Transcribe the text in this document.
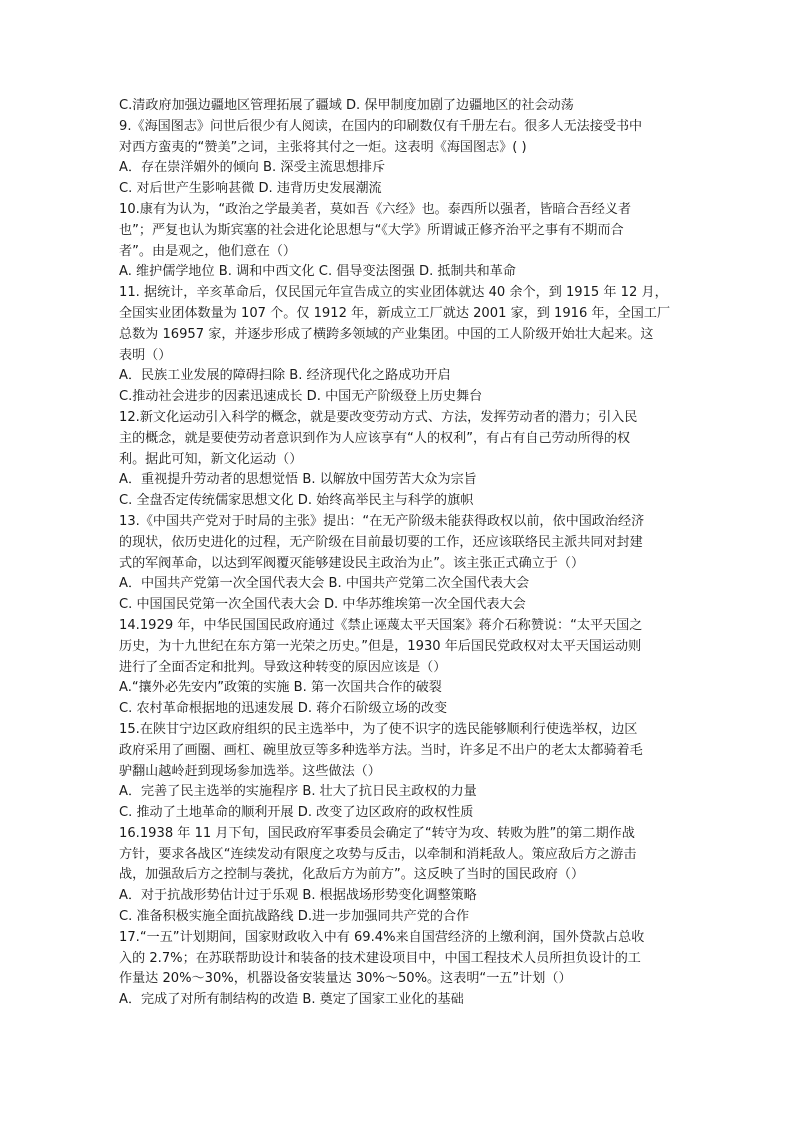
C.清政府加强边疆地区管理拓展了疆域 D. 保甲制度加剧了边疆地区的社会动荡
9.《海国图志》问世后很少有人阅读，在国内的印刷数仅有千册左右。很多人无法接受书中
对西方蛮夷的“赞美”之词，主张将其付之一炬。这表明《海国图志》( )
A．存在崇洋媚外的倾向 B. 深受主流思想排斥
C. 对后世产生影响甚微 D. 违背历史发展潮流
10.康有为认为，“政治之学最美者，莫如吾《六经》也。泰西所以强者，皆暗合吾经义者
也”；严复也认为斯宾塞的社会进化论思想与“《大学》所谓诚正修齐治平之事有不期而合
者”。由是观之，他们意在（）
A. 维护儒学地位 B. 调和中西文化 C. 倡导变法图强 D. 抵制共和革命
11. 据统计，辛亥革命后，仅民国元年宣告成立的实业团体就达 40 余个，到 1915 年 12 月，
全国实业团体数量为 107 个。仅 1912 年，新成立工厂就达 2001 家，到 1916 年，全国工厂
总数为 16957 家，并逐步形成了横跨多领域的产业集团。中国的工人阶级开始壮大起来。这
表明（）
A．民族工业发展的障碍扫除 B. 经济现代化之路成功开启
C.推动社会进步的因素迅速成长 D. 中国无产阶级登上历史舞台
12.新文化运动引入科学的概念，就是要改变劳动方式、方法，发挥劳动者的潜力；引入民
主的概念，就是要使劳动者意识到作为人应该享有“人的权利”，有占有自己劳动所得的权
利。据此可知，新文化运动（）
A．重视提升劳动者的思想觉悟 B. 以解放中国劳苦大众为宗旨
C. 全盘否定传统儒家思想文化 D. 始终高举民主与科学的旗帜
13.《中国共产党对于时局的主张》提出：“在无产阶级未能获得政权以前，依中国政治经济
的现状，依历史进化的过程，无产阶级在目前最切要的工作，还应该联络民主派共同对封建
式的军阀革命，以达到军阀覆灭能够建设民主政治为止”。该主张正式确立于（）
A．中国共产党第一次全国代表大会 B. 中国共产党第二次全国代表大会
C. 中国国民党第一次全国代表大会 D. 中华苏维埃第一次全国代表大会
14.1929 年，中华民国国民政府通过《禁止诬蔑太平天国案》蒋介石称赞说：“太平天国之
历史，为十九世纪在东方第一光荣之历史。”但是，1930 年后国民党政权对太平天国运动则
进行了全面否定和批判。导致这种转变的原因应该是（）
A.“攘外必先安内”政策的实施 B. 第一次国共合作的破裂
C. 农村革命根据地的迅速发展 D. 蒋介石阶级立场的改变
15.在陕甘宁边区政府组织的民主选举中，为了使不识字的选民能够顺利行使选举权，边区
政府采用了画圈、画杠、碗里放豆等多种选举方法。当时，许多足不出户的老太太都骑着毛
驴翻山越岭赶到现场参加选举。这些做法（）
A．完善了民主选举的实施程序 B. 壮大了抗日民主政权的力量
C. 推动了土地革命的顺利开展 D. 改变了边区政府的政权性质
16.1938 年 11 月下旬，国民政府军事委员会确定了“转守为攻、转败为胜”的第二期作战
方针，要求各战区“连续发动有限度之攻势与反击，以牵制和消耗敌人。策应敌后方之游击
战，加强敌后方之控制与袭扰，化敌后方为前方”。这反映了当时的国民政府（）
A．对于抗战形势估计过于乐观 B. 根据战场形势变化调整策略
C. 准备积极实施全面抗战路线 D.进一步加强同共产党的合作
17.“一五”计划期间，国家财政收入中有 69.4%来自国营经济的上缴利润，国外贷款占总收
入的 2.7%；在苏联帮助设计和装备的技术建设项目中，中国工程技术人员所担负设计的工
作量达 20%～30%，机器设备安装量达 30%～50%。这表明“一五”计划（）
A．完成了对所有制结构的改造 B. 奠定了国家工业化的基础
